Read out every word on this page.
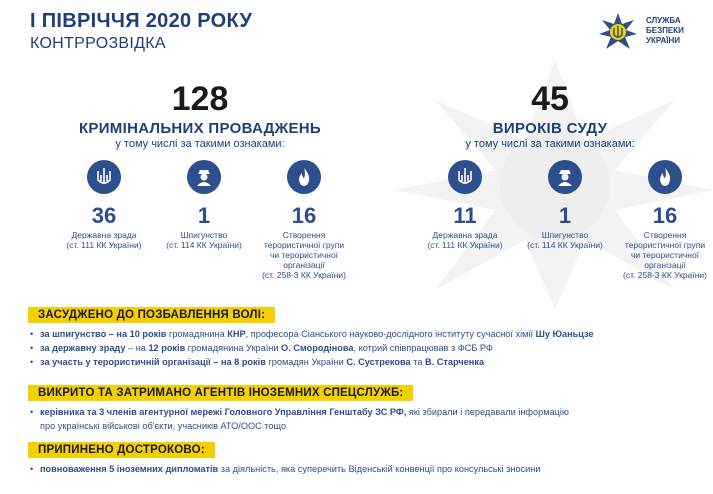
I ПІВРІЧЧЯ 2020 РОКУ
КОНТРРОЗВІДКА
СЛУЖБА
БЕЗПЕКИ
УКРАЇНИ
128
КРИМІНАЛЬНИХ ПРОВАДЖЕНЬ
у тому числі за такими ознаками:
36
Державна зрада
(ст. 111 КК України)
1
Шпигунство
(ст. 114 КК України)
16
Створення
терористичної групи
чи терористичної
організації
(ст. 258-3 КК України)
45
ВИРОКІВ СУДУ
у тому числі за такими ознаками:
11
Державна зрада
(ст. 111 КК України)
1
Шпигунство
(ст. 114 КК України)
16
Створення
терористичної групи
чи терористичної
організації
(ст. 258-3 КК України)
ЗАСУДЖЕНО ДО ПОЗБАВЛЕННЯ ВОЛІ:
• за шпигунство – на 10 років громадянина КНР, професора Сіанського науково-дослідного інституту сучасної хімії Шу Юаньцзе
• за державну зраду – на 12 років громадянина України О. Смородінова, котрий співпрацював з ФСБ РФ
• за участь у терористичній організації – на 8 років громадян України С. Сустрекова та В. Старченка
ВИКРИТО ТА ЗАТРИМАНО АГЕНТІВ ІНОЗЕМНИХ СПЕЦСЛУЖБ:
• керівника та 3 членів агентурної мережі Головного Управління Генштабу ЗС РФ, які збирали і передавали інформацію
про українські військові об'єкти, учасників АТО/ООС тощо
ПРИПИНЕНО ДОСТРОКОВО:
• повноваження 5 іноземних дипломатів за діяльність, яка суперечить Віденській конвенції про консульські зносини
